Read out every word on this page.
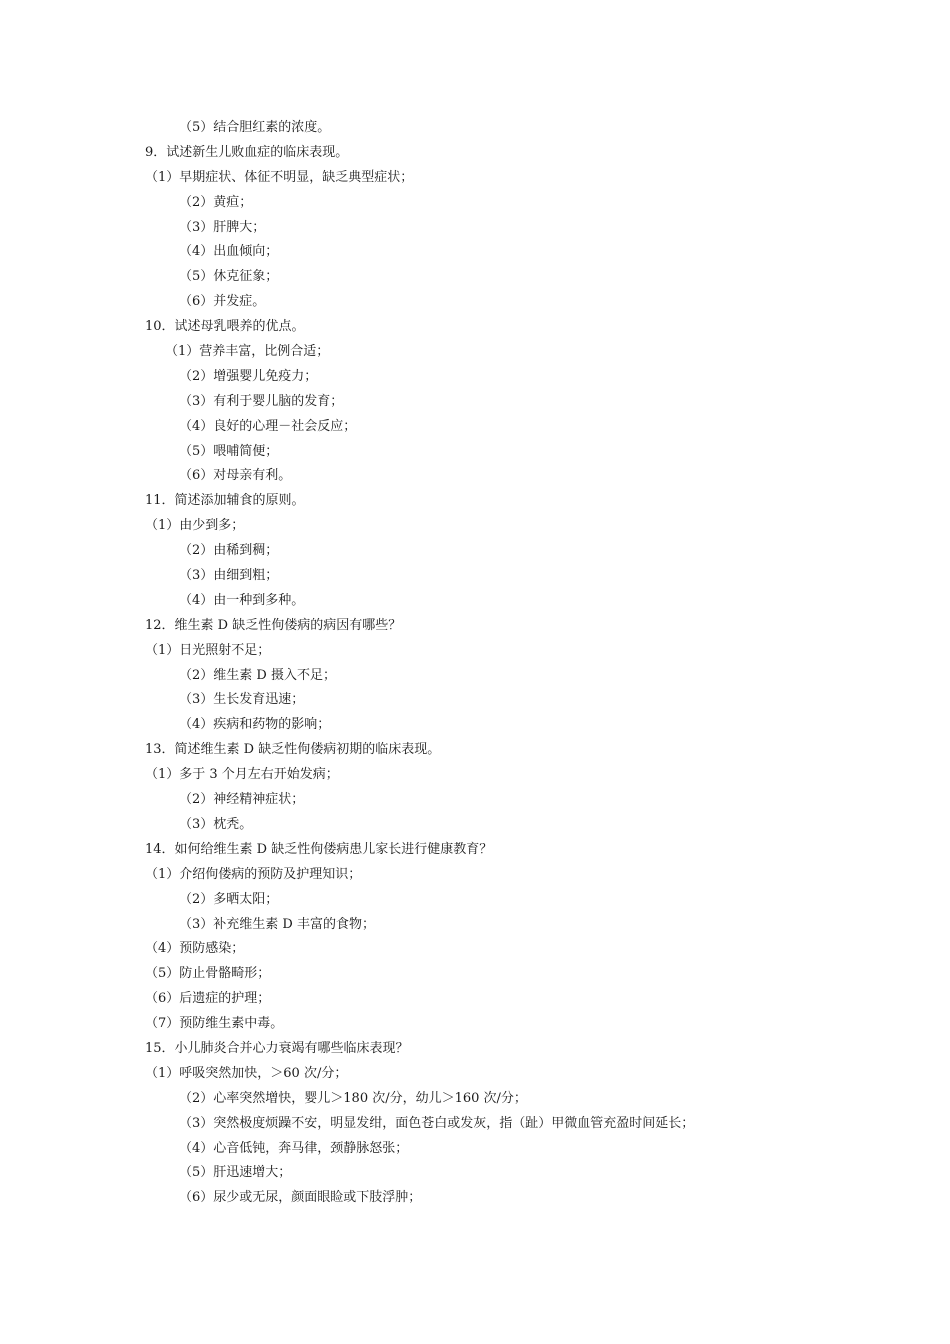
（5）结合胆红素的浓度。
9．试述新生儿败血症的临床表现。
（1）早期症状、体征不明显，缺乏典型症状；
（2）黄疸；
（3）肝脾大；
（4）出血倾向；
（5）休克征象；
（6）并发症。
10．试述母乳喂养的优点。
（1）营养丰富，比例合适；
（2）增强婴儿免疫力；
（3）有利于婴儿脑的发育；
（4）良好的心理－社会反应；
（5）喂哺简便；
（6）对母亲有利。
11．简述添加辅食的原则。
（1）由少到多；
（2）由稀到稠；
（3）由细到粗；
（4）由一种到多种。
12．维生素 D 缺乏性佝偻病的病因有哪些？
（1）日光照射不足；
（2）维生素 D 摄入不足；
（3）生长发育迅速；
（4）疾病和药物的影响；
13．简述维生素 D 缺乏性佝偻病初期的临床表现。
（1）多于 3 个月左右开始发病；
（2）神经精神症状；
（3）枕秃。
14．如何给维生素 D 缺乏性佝偻病患儿家长进行健康教育？
（1）介绍佝偻病的预防及护理知识；
（2）多晒太阳；
（3）补充维生素 D 丰富的食物；
（4）预防感染；
（5）防止骨骼畸形；
（6）后遗症的护理；
（7）预防维生素中毒。
15．小儿肺炎合并心力衰竭有哪些临床表现？
（1）呼吸突然加快，＞60 次/分；
（2）心率突然增快，婴儿＞180 次/分，幼儿＞160 次/分；
（3）突然极度烦躁不安，明显发绀，面色苍白或发灰，指（趾）甲微血管充盈时间延长；
（4）心音低钝，奔马律，颈静脉怒张；
（5）肝迅速增大；
（6）尿少或无尿，颜面眼睑或下肢浮肿；
